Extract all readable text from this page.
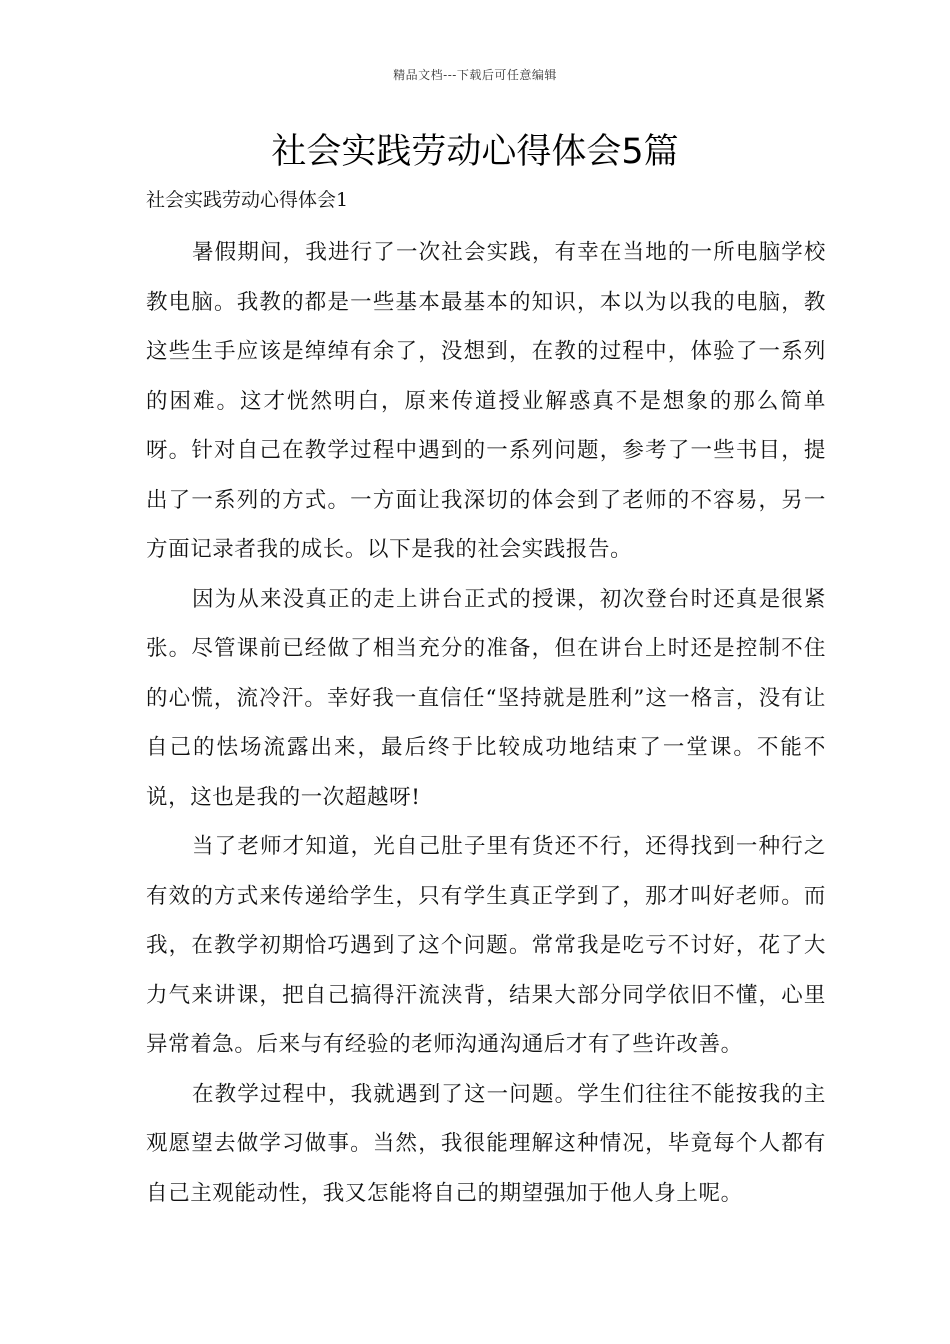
精品文档---下载后可任意编辑
社会实践劳动心得体会5篇
社会实践劳动心得体会1

暑假期间，我进行了一次社会实践，有幸在当地的一所电脑学校教电脑。我教的都是一些基本最基本的知识，本以为以我的电脑，教这些生手应该是绰绰有余了，没想到，在教的过程中，体验了一系列的困难。这才恍然明白，原来传道授业解惑真不是想象的那么简单呀。针对自己在教学过程中遇到的一系列问题，参考了一些书目，提出了一系列的方式。一方面让我深切的体会到了老师的不容易，另一方面记录者我的成长。以下是我的社会实践报告。

因为从来没真正的走上讲台正式的授课，初次登台时还真是很紧张。尽管课前已经做了相当充分的准备，但在讲台上时还是控制不住的心慌，流冷汗。幸好我一直信任“坚持就是胜利”这一格言，没有让自己的怯场流露出来，最后终于比较成功地结束了一堂课。不能不说，这也是我的一次超越呀!

当了老师才知道，光自己肚子里有货还不行，还得找到一种行之有效的方式来传递给学生，只有学生真正学到了，那才叫好老师。而我，在教学初期恰巧遇到了这个问题。常常我是吃亏不讨好，花了大力气来讲课，把自己搞得汗流浃背，结果大部分同学依旧不懂，心里异常着急。后来与有经验的老师沟通沟通后才有了些许改善。

在教学过程中，我就遇到了这一问题。学生们往往不能按我的主观愿望去做学习做事。当然，我很能理解这种情况，毕竟每个人都有自己主观能动性，我又怎能将自己的期望强加于他人身上呢。
